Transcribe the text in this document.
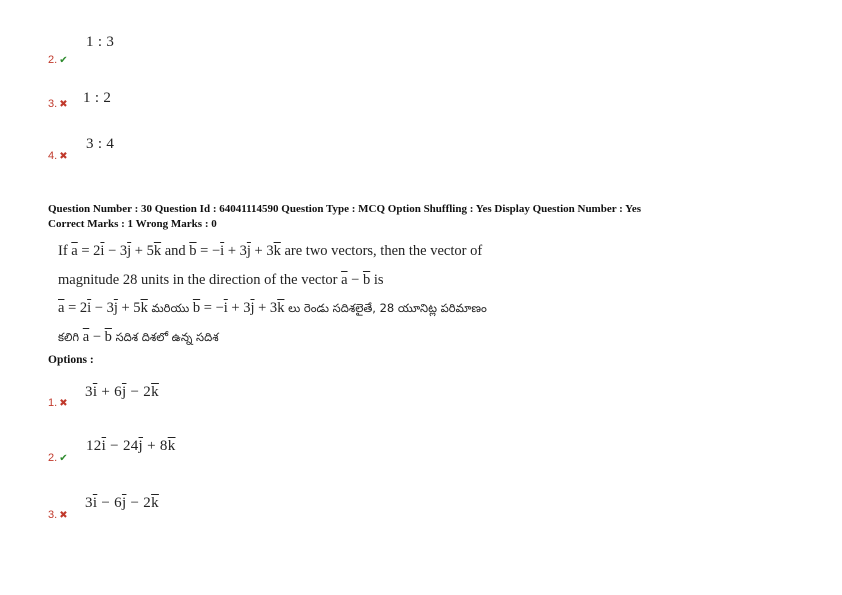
1 : 3
2. ✔
1 : 2
3. ✖
3 : 4
4. ✖
Question Number : 30 Question Id : 64041114590 Question Type : MCQ Option Shuffling : Yes Display Question Number : Yes
Correct Marks : 1 Wrong Marks : 0
If $\overline{a} = 2\overline{i} - 3\overline{j} + 5\overline{k}$ and $\overline{b} = -\overline{i} + 3\overline{j} + 3\overline{k}$ are two vectors, then the vector of
magnitude 28 units in the direction of the vector $\overline{a} - \overline{b}$ is
$\overline{a} = 2\overline{i} - 3\overline{j} + 5\overline{k}$ మరియు $\overline{b} = -\overline{i} + 3\overline{j} + 3\overline{k}$ లు రెండు సదిశలైతే, 28 యూనిట్ల పరిమాణం
కలిగి $\overline{a} - \overline{b}$ సదిశ దిశలో ఉన్న సదిశ
Options :
$3\overline{i} + 6\overline{j} - 2\overline{k}$
1. ✖
$12\overline{i} - 24\overline{j} + 8\overline{k}$
2. ✔
$3\overline{i} - 6\overline{j} - 2\overline{k}$
3. ✖
